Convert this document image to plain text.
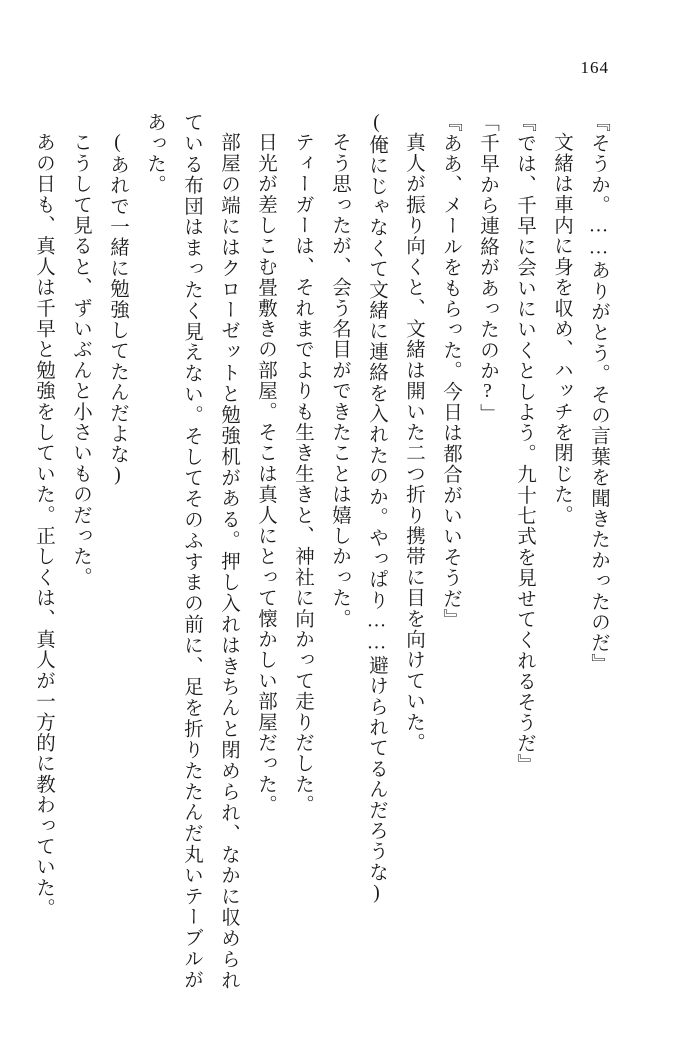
164

『そうか。……ありがとう。その言葉を聞きたかったのだ』

文緒は車内に身を収め、ハッチを閉じた。

『では、千早に会いにいくとしよう。九十七式を見せてくれるそうだ』

「千早から連絡があったのか?」

『ああ、メールをもらった。今日は都合がいいそうだ』

真人が振り向くと、文緒は開いた二つ折り携帯に目を向けていた。

(俺にじゃなくて文緒に連絡を入れたのか。やっぱり……避けられてるんだろうな)

そう思ったが、会う名目ができたことは嬉しかった。

ティーガーは、それまでよりも生き生きと、神社に向かって走りだした。

日光が差しこむ畳敷きの部屋。そこは真人にとって懐かしい部屋だった。

部屋の端にはクローゼットと勉強机がある。押し入れはきちんと閉められ、なかに収められている布団はまったく見えない。そしてそのふすまの前に、足を折りたたんだ丸いテーブルがあった。

(あれで一緒に勉強してたんだよな)

こうして見ると、ずいぶんと小さいものだった。

あの日も、真人は千早と勉強をしていた。正しくは、真人が一方的に教わっていた。
